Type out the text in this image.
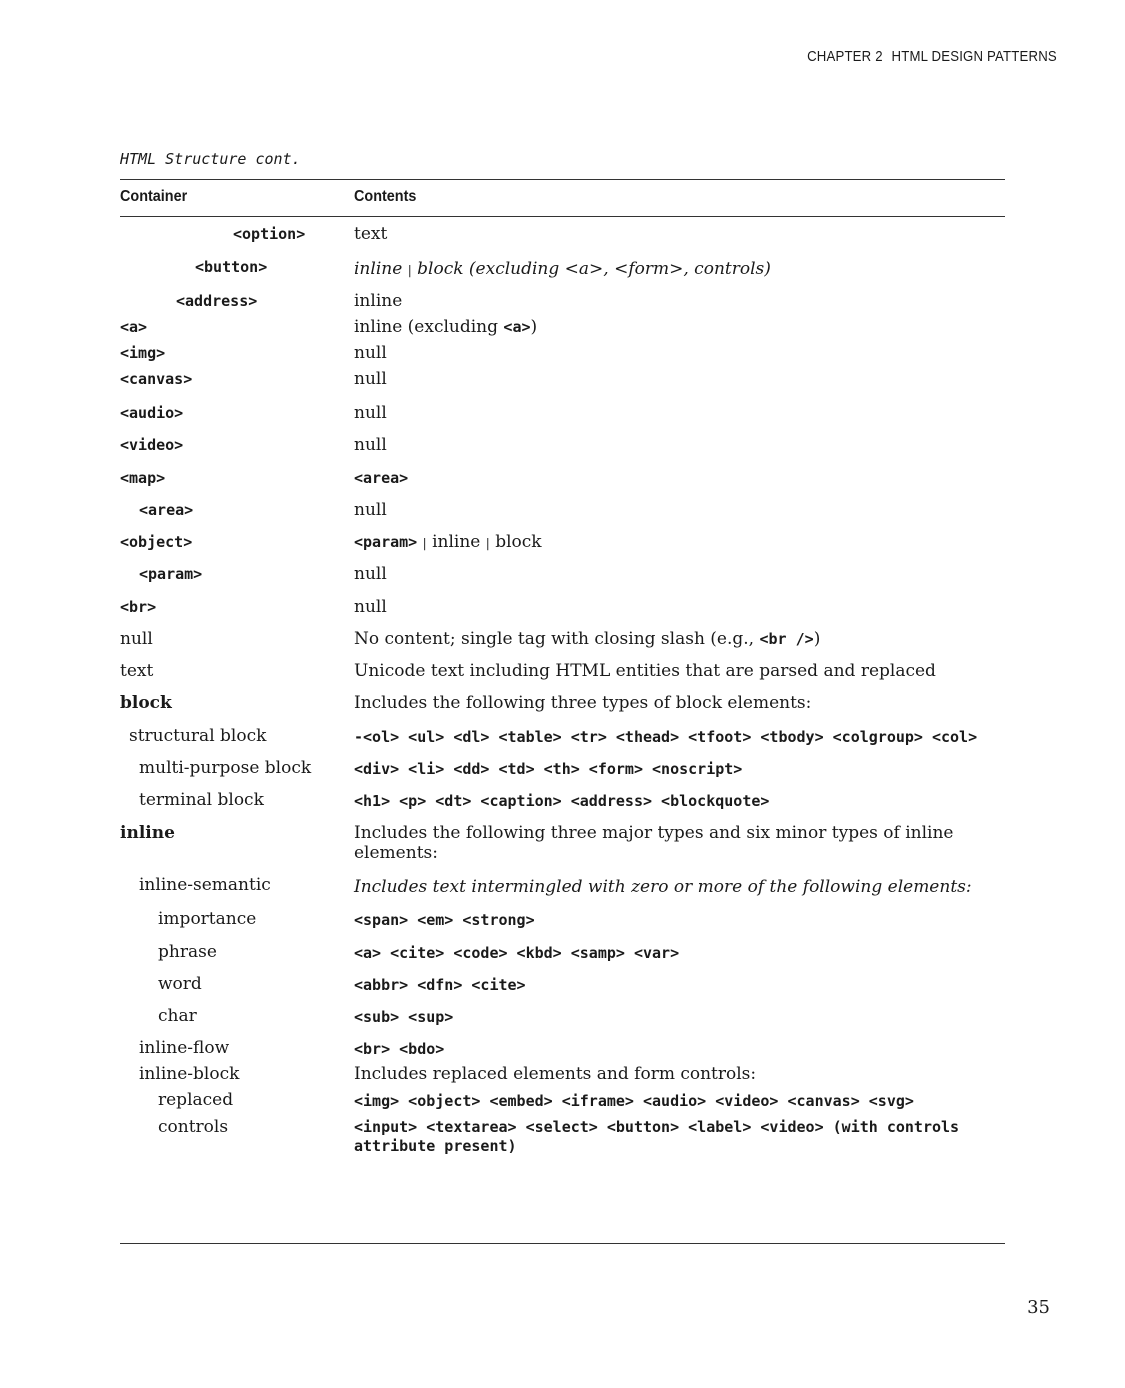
CHAPTER 2 HTML DESIGN PATTERNS
HTML Structure cont.
Container	Contents
<option>	text
<button>	inline | block (excluding <a>, <form>, controls)
<address>	inline
<a>	inline (excluding <a>)
<img>	null
<canvas>	null
<audio>	null
<video>	null
<map>	<area>
<area>	null
<object>	<param> | inline | block
<param>	null
<br>	null
null	No content; single tag with closing slash (e.g., <br />)
text	Unicode text including HTML entities that are parsed and replaced
block	Includes the following three types of block elements:
structural block	-<ol> <ul> <dl> <table> <tr> <thead> <tfoot> <tbody> <colgroup> <col>
multi-purpose block	<div> <li> <dd> <td> <th> <form> <noscript>
terminal block	<h1> <p> <dt> <caption> <address> <blockquote>
inline	Includes the following three major types and six minor types of inline elements:
inline-semantic	Includes text intermingled with zero or more of the following elements:
importance	<span> <em> <strong>
phrase	<a> <cite> <code> <kbd> <samp> <var>
word	<abbr> <dfn> <cite>
char	<sub> <sup>
inline-flow	<br> <bdo>
inline-block	Includes replaced elements and form controls:
replaced	<img> <object> <embed> <iframe> <audio> <video> <canvas> <svg>
controls	<input> <textarea> <select> <button> <label> <video> (with controls attribute present)
35
